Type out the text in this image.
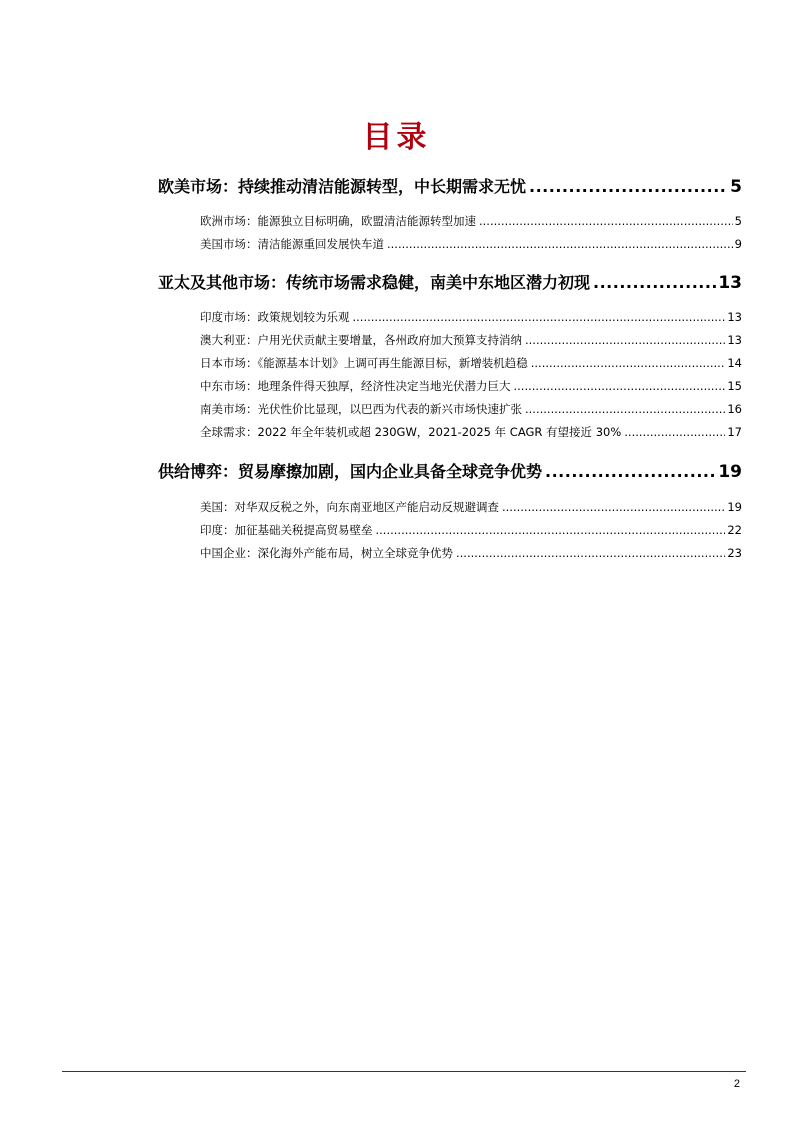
目录
欧美市场：持续推动清洁能源转型，中长期需求无忧 .....	5
欧洲市场：能源独立目标明确，欧盟清洁能源转型加速 .....	5
美国市场：清洁能源重回发展快车道 .....	9
亚太及其他市场：传统市场需求稳健，南美中东地区潜力初现 .....	13
印度市场：政策规划较为乐观 .....	13
澳大利亚：户用光伏贡献主要增量，各州政府加大预算支持消纳 .....	13
日本市场：《能源基本计划》上调可再生能源目标，新增装机趋稳 .....	14
中东市场：地理条件得天独厚，经济性决定当地光伏潜力巨大 .....	15
南美市场：光伏性价比显现，以巴西为代表的新兴市场快速扩张 .....	16
全球需求：2022 年全年装机或超 230GW，2021-2025 年 CAGR 有望接近 30% .....	17
供给博弈：贸易摩擦加剧，国内企业具备全球竞争优势 .....	19
美国：对华双反税之外，向东南亚地区产能启动反规避调查 .....	19
印度：加征基础关税提高贸易壁垒 .....	22
中国企业：深化海外产能布局，树立全球竞争优势 .....	23
2
